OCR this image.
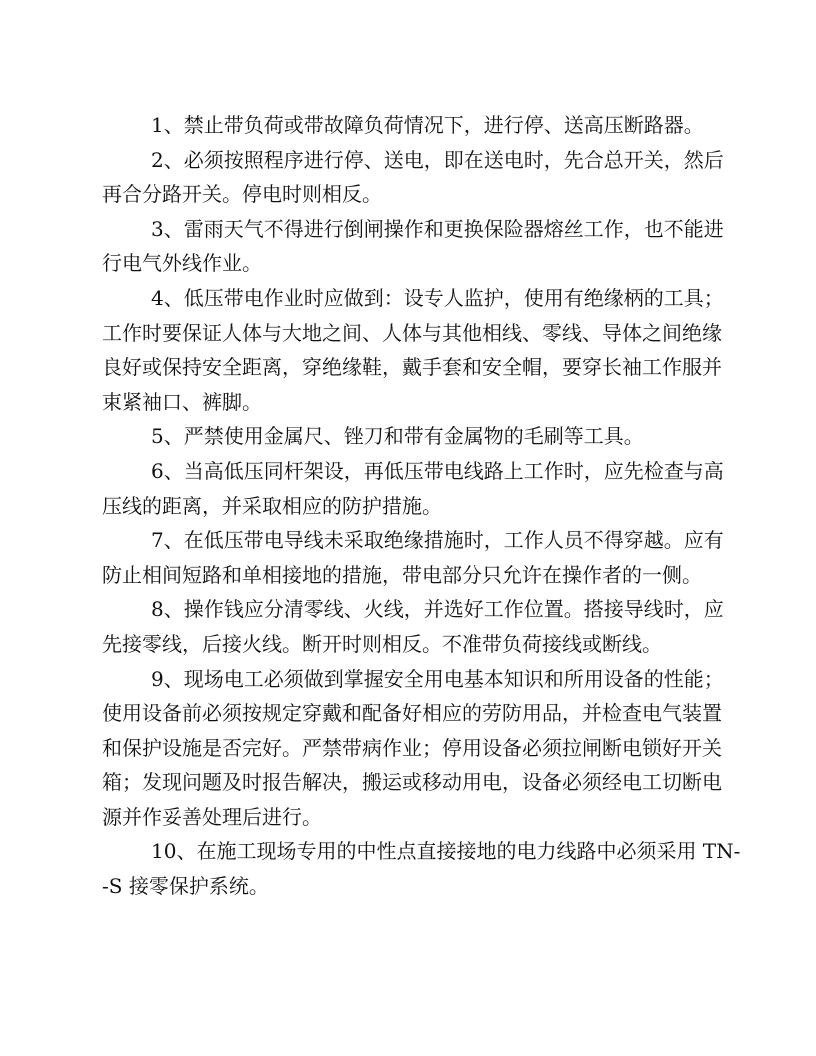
1、禁止带负荷或带故障负荷情况下，进行停、送高压断路器。
2、必须按照程序进行停、送电，即在送电时，先合总开关，然后
再合分路开关。停电时则相反。
3、雷雨天气不得进行倒闸操作和更换保险器熔丝工作，也不能进
行电气外线作业。
4、低压带电作业时应做到：设专人监护，使用有绝缘柄的工具；
工作时要保证人体与大地之间、人体与其他相线、零线、导体之间绝缘
良好或保持安全距离，穿绝缘鞋，戴手套和安全帽，要穿长袖工作服并
束紧袖口、裤脚。
5、严禁使用金属尺、锉刀和带有金属物的毛刷等工具。
6、当高低压同杆架设，再低压带电线路上工作时，应先检查与高
压线的距离，并采取相应的防护措施。
7、在低压带电导线未采取绝缘措施时，工作人员不得穿越。应有
防止相间短路和单相接地的措施，带电部分只允许在操作者的一侧。
8、操作钱应分清零线、火线，并选好工作位置。搭接导线时，应
先接零线，后接火线。断开时则相反。不准带负荷接线或断线。
9、现场电工必须做到掌握安全用电基本知识和所用设备的性能；
使用设备前必须按规定穿戴和配备好相应的劳防用品，并检查电气装置
和保护设施是否完好。严禁带病作业；停用设备必须拉闸断电锁好开关
箱；发现问题及时报告解决，搬运或移动用电，设备必须经电工切断电
源并作妥善处理后进行。
10、在施工现场专用的中性点直接接地的电力线路中必须采用 TN-
-S 接零保护系统。
